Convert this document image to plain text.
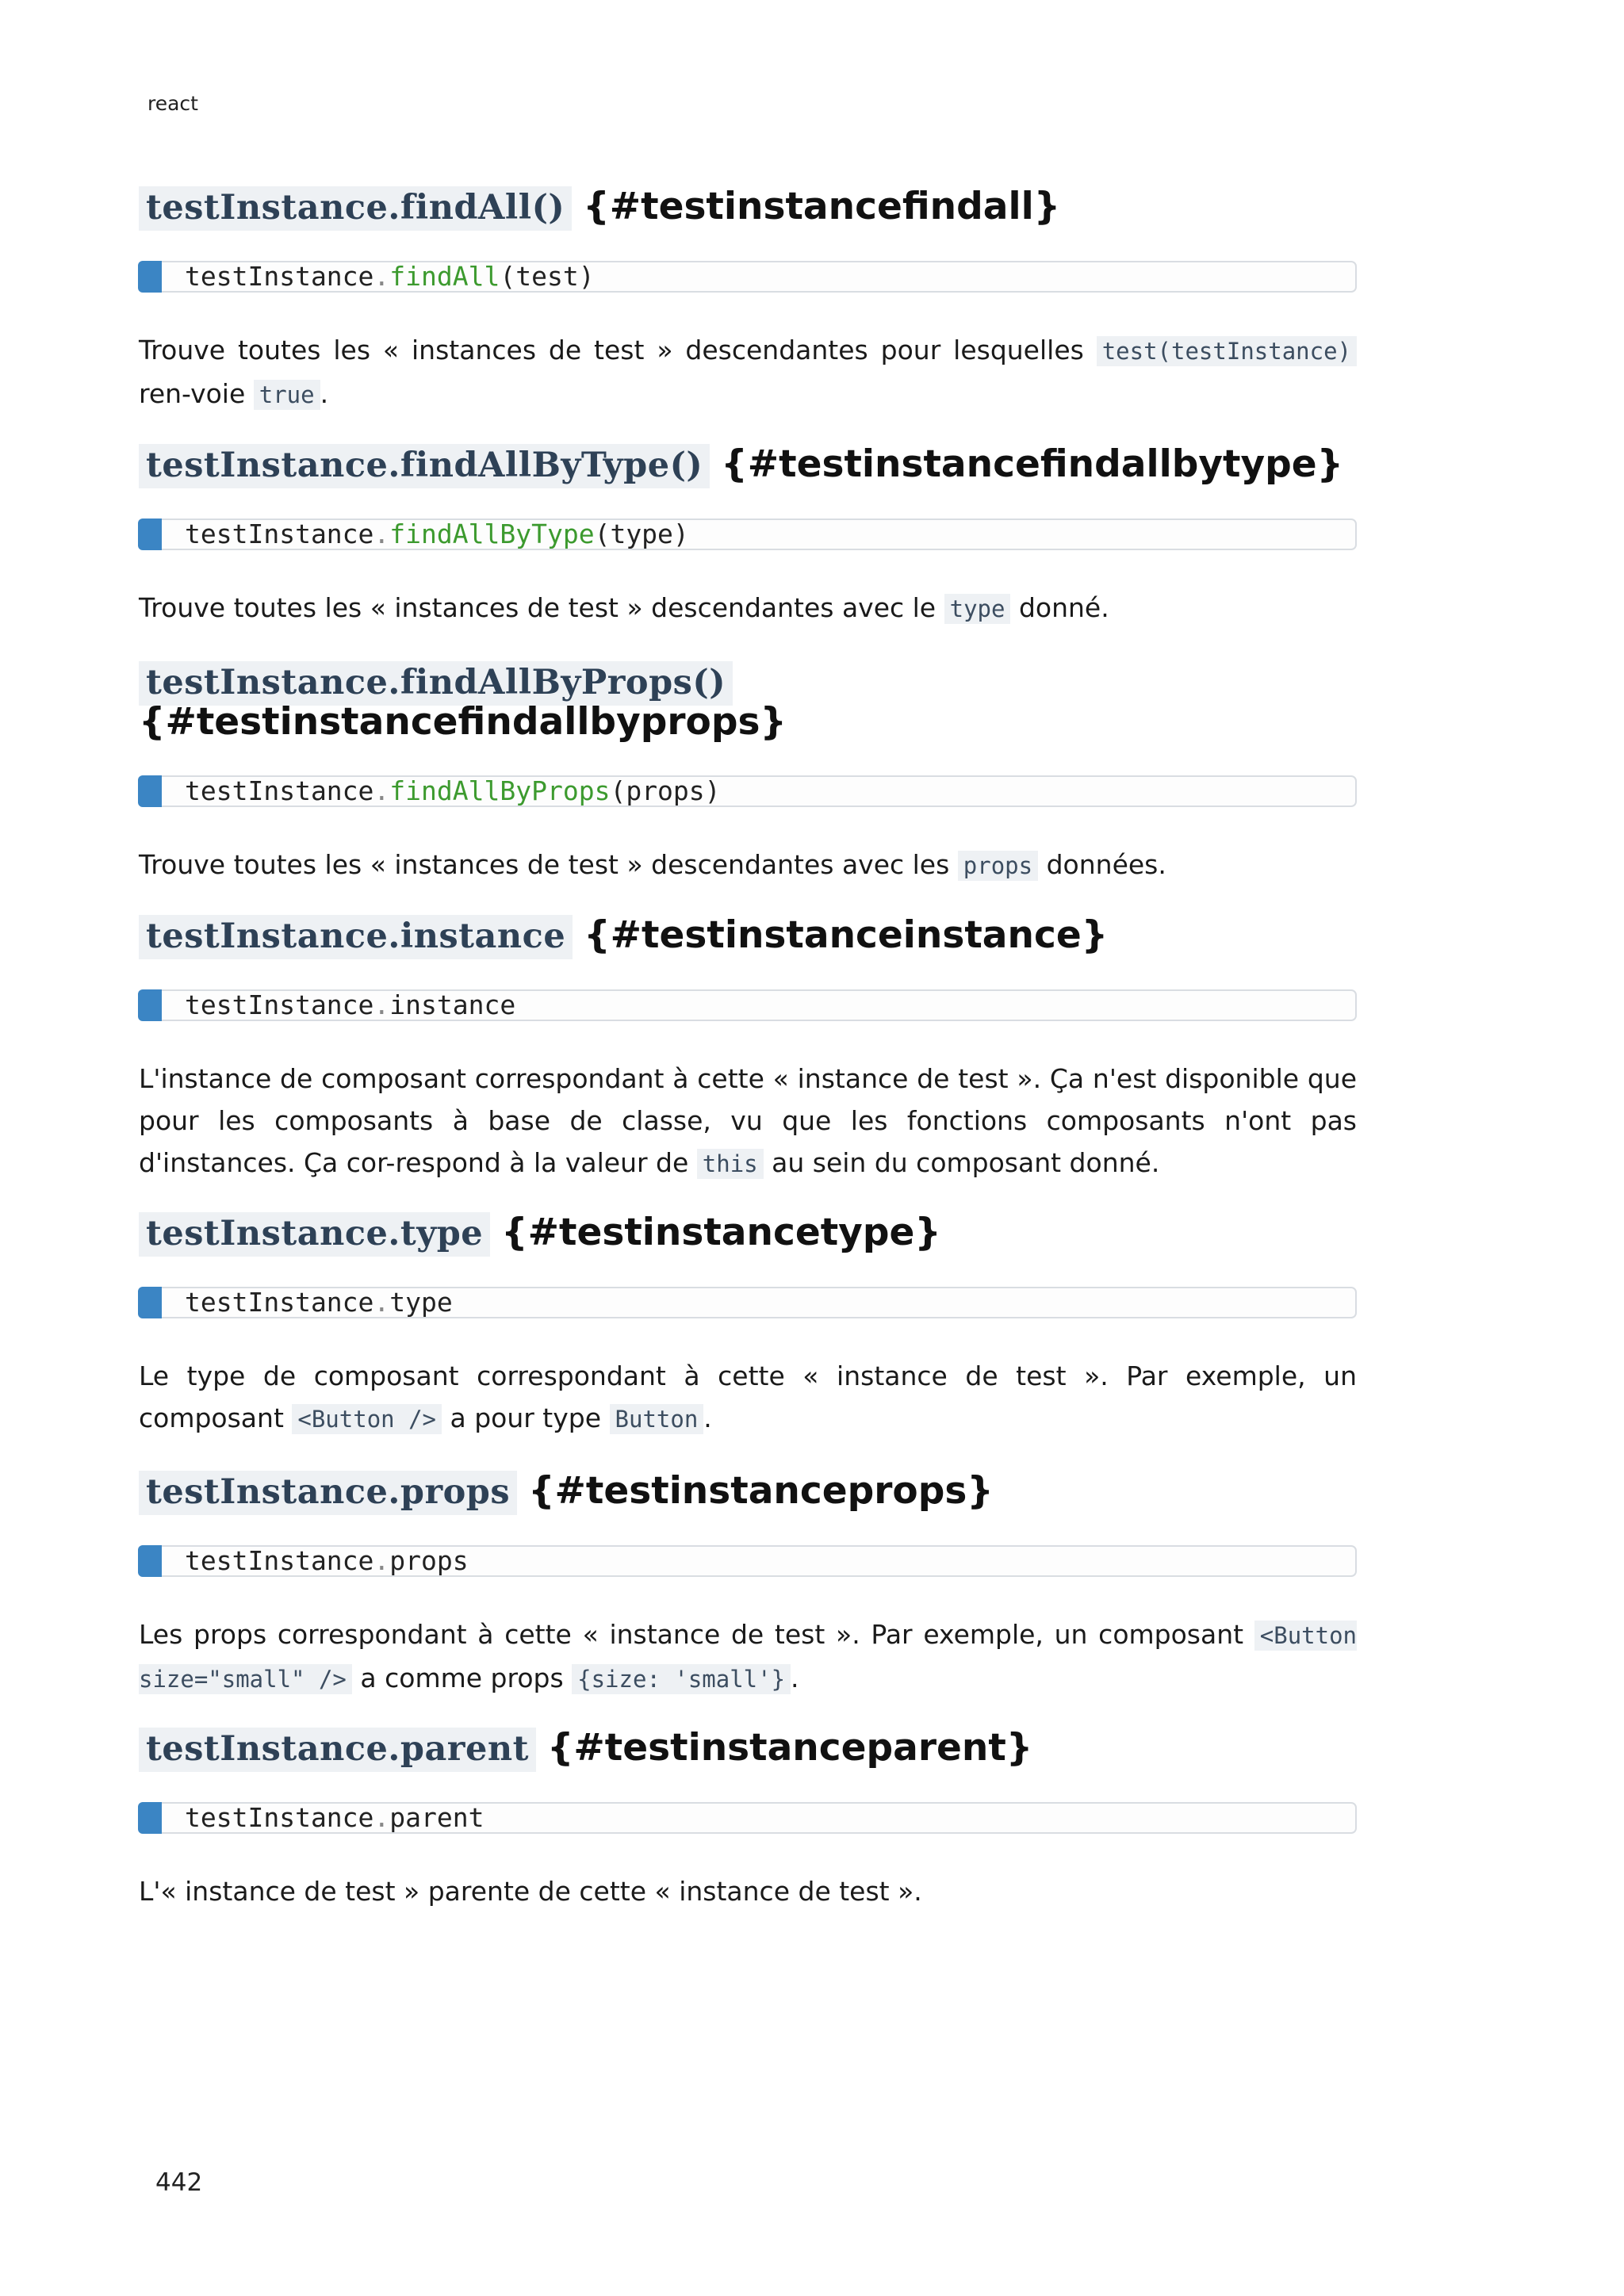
react
testInstance.findAll() {#testinstancefindall}
testInstance.findAll(test)

Trouve toutes les « instances de test » descendantes pour lesquelles test(testInstance) ren-voie true .

testInstance.findAllByType() {#testinstancefindallbytype}
testInstance.findAllByType(type)

Trouve toutes les « instances de test » descendantes avec le type donné.

testInstance.findAllByProps()
{#testinstancefindallbyprops}
testInstance.findAllByProps(props)

Trouve toutes les « instances de test » descendantes avec les props données.

testInstance.instance {#testinstanceinstance}
testInstance.instance

L'instance de composant correspondant à cette « instance de test ». Ça n'est disponible que pour les composants à base de classe, vu que les fonctions composants n'ont pas d'instances. Ça cor-respond à la valeur de this au sein du composant donné.

testInstance.type {#testinstancetype}
testInstance.type

Le type de composant correspondant à cette « instance de test ». Par exemple, un composant <Button /> a pour type Button .

testInstance.props {#testinstanceprops}
testInstance.props

Les props correspondant à cette « instance de test ». Par exemple, un composant <Button size="small" /> a comme props {size: 'small'} .

testInstance.parent {#testinstanceparent}
testInstance.parent

L'« instance de test » parente de cette « instance de test ».

442
